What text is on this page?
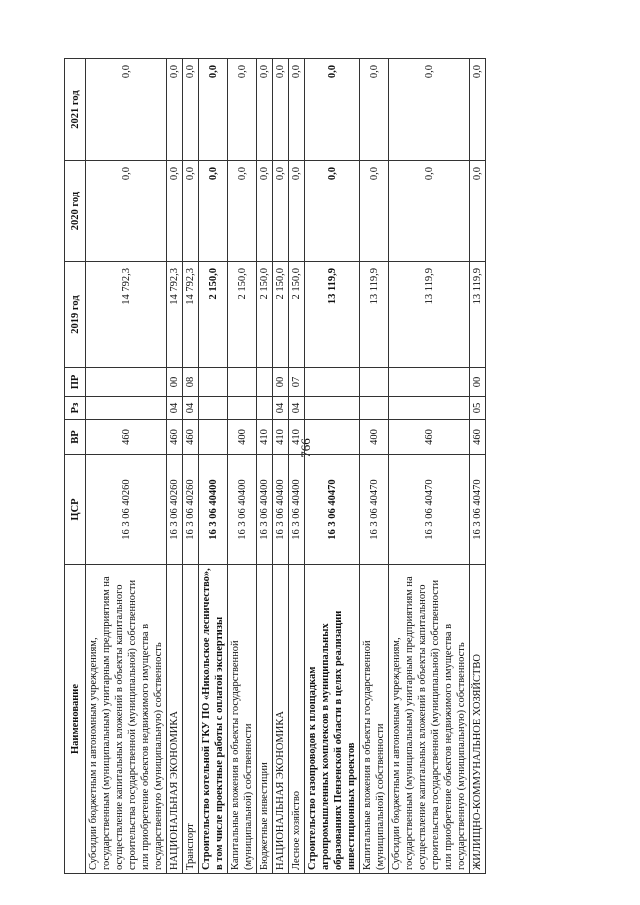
766
Наименование	ЦСР	ВР	Рз	ПР	2019 год	2020 год	2021 год
Субсидии бюджетным и автономным учреждениям, государственным (муниципальным) унитарным предприятиям на осуществление капитальных вложений в объекты капитального строительства государственной (муниципальной) собственности или приобретение объектов недвижимого имущества в государственную (муниципальную) собственность	16 3 06 40260	460			14 792,3	0,0	0,0
НАЦИОНАЛЬНАЯ ЭКОНОМИКА	16 3 06 40260	460	04	00	14 792,3	0,0	0,0
Транспорт	16 3 06 40260	460	04	08	14 792,3	0,0	0,0
Строительство котельной ГКУ ПО «Никольское лесничество», в том числе проектные работы с оплатой экспертизы	16 3 06 40400				2 150,0	0,0	0,0
Капитальные вложения в объекты государственной (муниципальной) собственности	16 3 06 40400	400			2 150,0	0,0	0,0
Бюджетные инвестиции	16 3 06 40400	410			2 150,0	0,0	0,0
НАЦИОНАЛЬНАЯ ЭКОНОМИКА	16 3 06 40400	410	04	00	2 150,0	0,0	0,0
Лесное хозяйство	16 3 06 40400	410	04	07	2 150,0	0,0	0,0
Строительство газопроводов к площадкам агропромышленных комплексов в муниципальных образованиях Пензенской области в целях реализации инвестиционных проектов	16 3 06 40470				13 119,9	0,0	0,0
Капитальные вложения в объекты государственной (муниципальной) собственности	16 3 06 40470	400			13 119,9	0,0	0,0
Субсидии бюджетным и автономным учреждениям, государственным (муниципальным) унитарным предприятиям на осуществление капитальных вложений в объекты капитального строительства государственной (муниципальной) собственности или приобретение объектов недвижимого имущества в государственную (муниципальную) собственность	16 3 06 40470	460			13 119,9	0,0	0,0
ЖИЛИЩНО-КОММУНАЛЬНОЕ ХОЗЯЙСТВО	16 3 06 40470	460	05	00	13 119,9	0,0	0,0
